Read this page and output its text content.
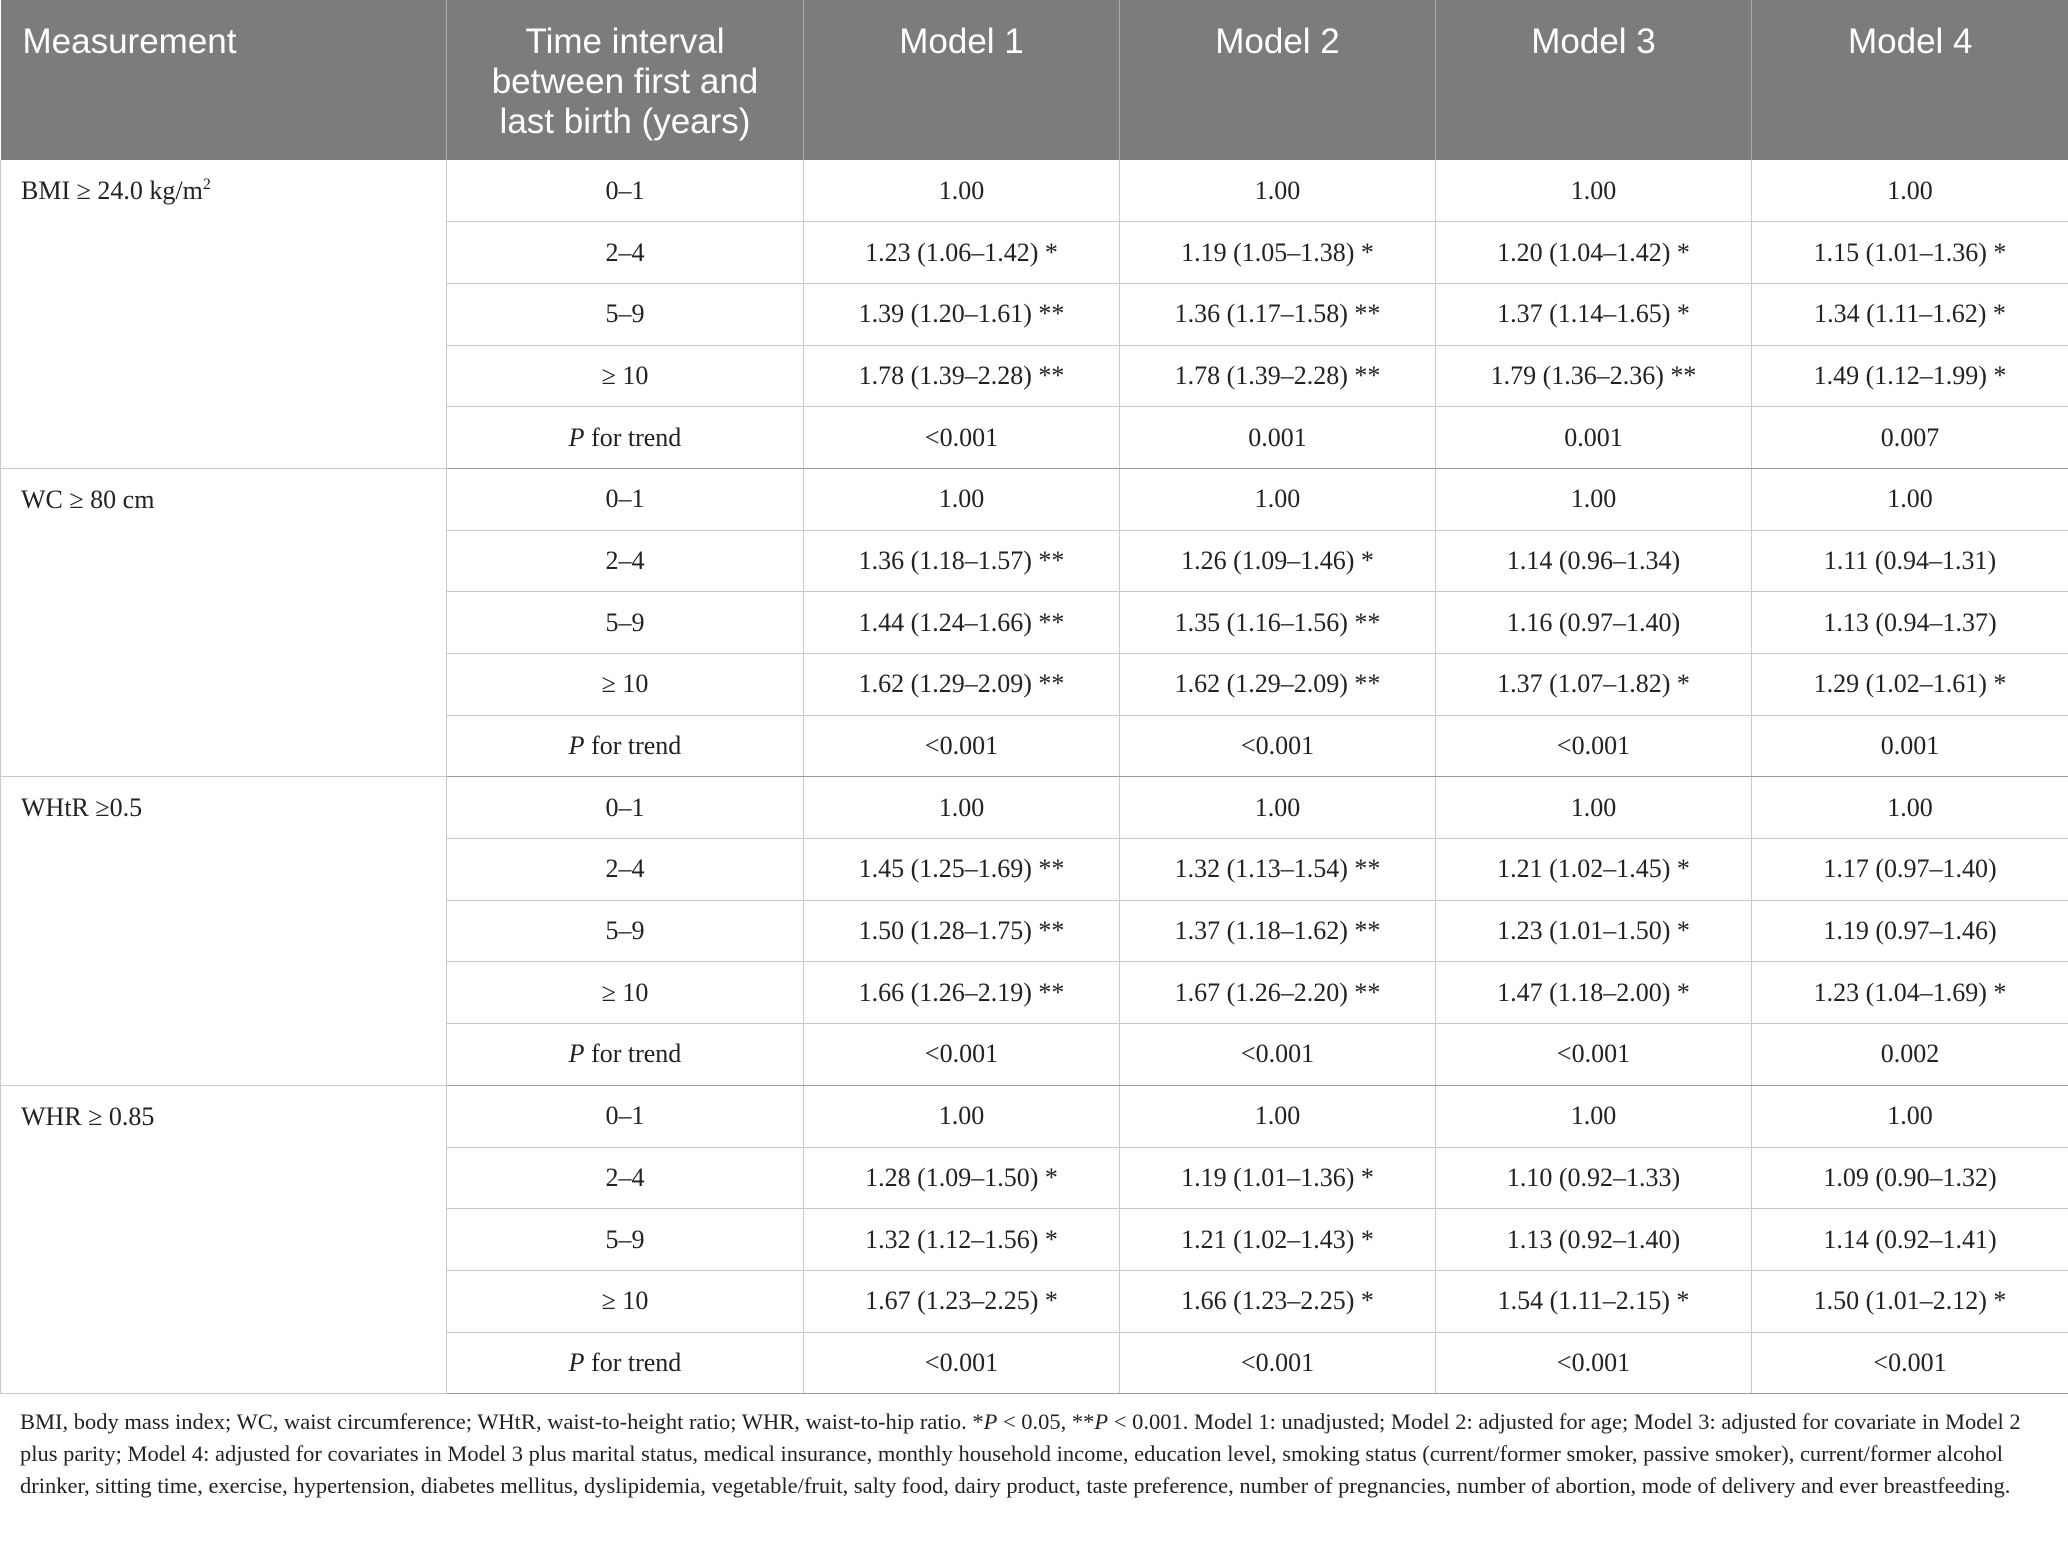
Measurement	Time interval
between first and
last birth (years)	Model 1	Model 2	Model 3	Model 4
BMI ≥ 24.0 $kg/m^2$	0–1	1.00	1.00	1.00	1.00
	2–4	1.23 (1.06–1.42) *	1.19 (1.05–1.38) *	1.20 (1.04–1.42) *	1.15 (1.01–1.36) *
	5–9	1.39 (1.20–1.61) **	1.36 (1.17–1.58) **	1.37 (1.14–1.65) *	1.34 (1.11–1.62) *
	≥ 10	1.78 (1.39–2.28) **	1.78 (1.39–2.28) **	1.79 (1.36–2.36) **	1.49 (1.12–1.99) *
	P for trend	<0.001	0.001	0.001	0.007
WC ≥ 80 cm	0–1	1.00	1.00	1.00	1.00
	2–4	1.36 (1.18–1.57) **	1.26 (1.09–1.46) *	1.14 (0.96–1.34)	1.11 (0.94–1.31)
	5–9	1.44 (1.24–1.66) **	1.35 (1.16–1.56) **	1.16 (0.97–1.40)	1.13 (0.94–1.37)
	≥ 10	1.62 (1.29–2.09) **	1.62 (1.29–2.09) **	1.37 (1.07–1.82) *	1.29 (1.02–1.61) *
	P for trend	<0.001	<0.001	<0.001	0.001
WHtR ≥0.5	0–1	1.00	1.00	1.00	1.00
	2–4	1.45 (1.25–1.69) **	1.32 (1.13–1.54) **	1.21 (1.02–1.45) *	1.17 (0.97–1.40)
	5–9	1.50 (1.28–1.75) **	1.37 (1.18–1.62) **	1.23 (1.01–1.50) *	1.19 (0.97–1.46)
	≥ 10	1.66 (1.26–2.19) **	1.67 (1.26–2.20) **	1.47 (1.18–2.00) *	1.23 (1.04–1.69) *
	P for trend	<0.001	<0.001	<0.001	0.002
WHR ≥ 0.85	0–1	1.00	1.00	1.00	1.00
	2–4	1.28 (1.09–1.50) *	1.19 (1.01–1.36) *	1.10 (0.92–1.33)	1.09 (0.90–1.32)
	5–9	1.32 (1.12–1.56) *	1.21 (1.02–1.43) *	1.13 (0.92–1.40)	1.14 (0.92–1.41)
	≥ 10	1.67 (1.23–2.25) *	1.66 (1.23–2.25) *	1.54 (1.11–2.15) *	1.50 (1.01–2.12) *
	P for trend	<0.001	<0.001	<0.001	<0.001
BMI, body mass index; WC, waist circumference; WHtR, waist-to-height ratio; WHR, waist-to-hip ratio. *P < 0.05, **P < 0.001. Model 1: unadjusted; Model 2: adjusted for age; Model 3: adjusted for covariate in Model 2 plus parity; Model 4: adjusted for covariates in Model 3 plus marital status, medical insurance, monthly household income, education level, smoking status (current/former smoker, passive smoker), current/former alcohol drinker, sitting time, exercise, hypertension, diabetes mellitus, dyslipidemia, vegetable/fruit, salty food, dairy product, taste preference, number of pregnancies, number of abortion, mode of delivery and ever breastfeeding.
